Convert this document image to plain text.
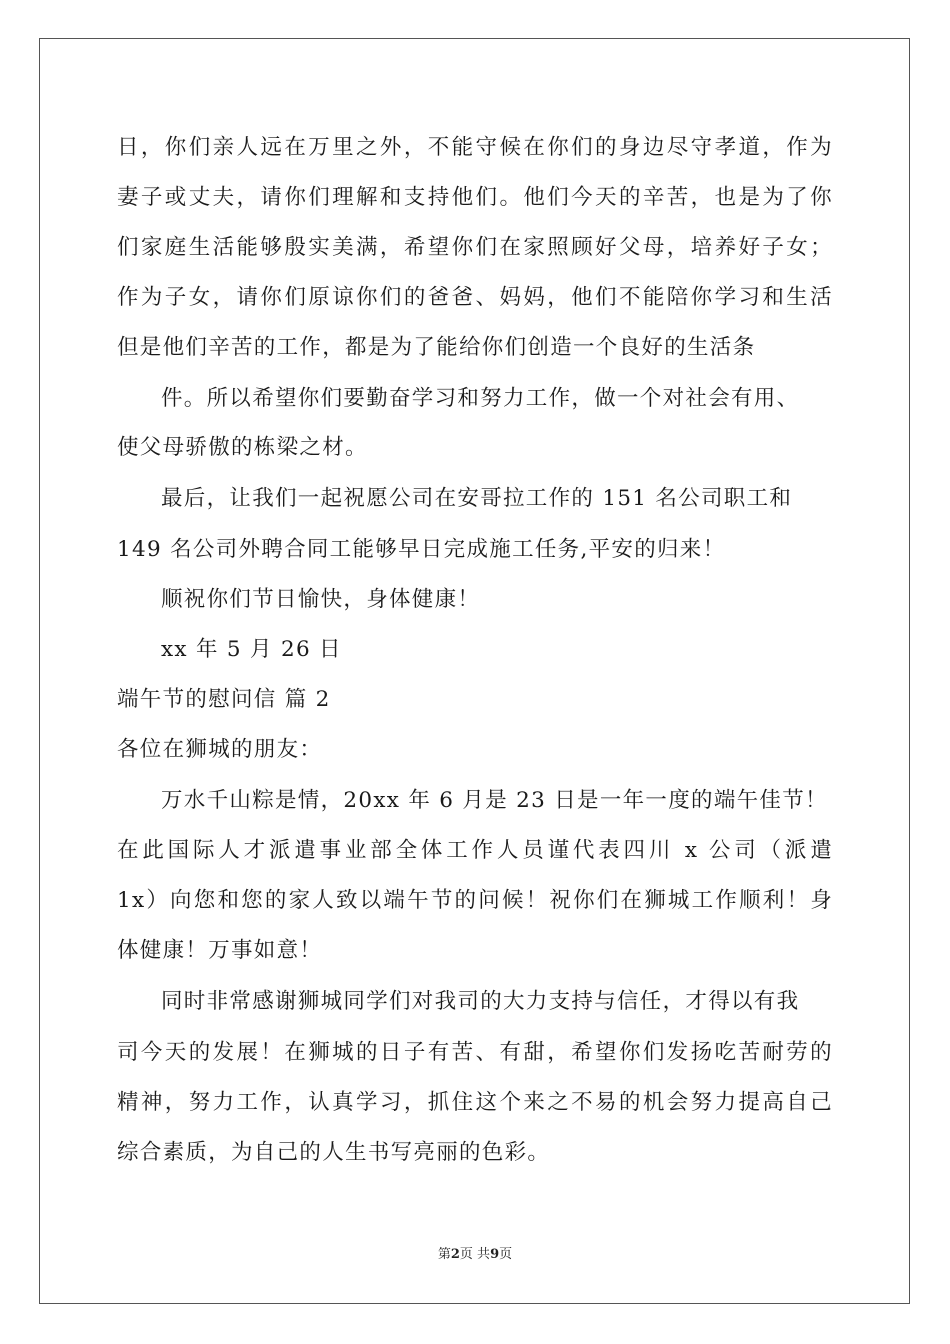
日，你们亲人远在万里之外，不能守候在你们的身边尽守孝道，作为
妻子或丈夫，请你们理解和支持他们。他们今天的辛苦，也是为了你
们家庭生活能够殷实美满，希望你们在家照顾好父母，培养好子女；
作为子女，请你们原谅你们的爸爸、妈妈，他们不能陪你学习和生活
但是他们辛苦的工作，都是为了能给你们创造一个良好的生活条
件。所以希望你们要勤奋学习和努力工作，做一个对社会有用、
使父母骄傲的栋梁之材。
最后，让我们一起祝愿公司在安哥拉工作的 151 名公司职工和
149 名公司外聘合同工能够早日完成施工任务,平安的归来！
顺祝你们节日愉快，身体健康！
xx 年 5 月 26 日
端午节的慰问信 篇 2
各位在狮城的朋友：
万水千山粽是情，20xx 年 6 月是 23 日是一年一度的端午佳节！
在此国际人才派遣事业部全体工作人员谨代表四川 x 公司（派遣
1x）向您和您的家人致以端午节的问候！祝你们在狮城工作顺利！身
体健康！万事如意！
同时非常感谢狮城同学们对我司的大力支持与信任，才得以有我
司今天的发展！在狮城的日子有苦、有甜，希望你们发扬吃苦耐劳的
精神，努力工作，认真学习，抓住这个来之不易的机会努力提高自己
综合素质，为自己的人生书写亮丽的色彩。
第2页 共9页
